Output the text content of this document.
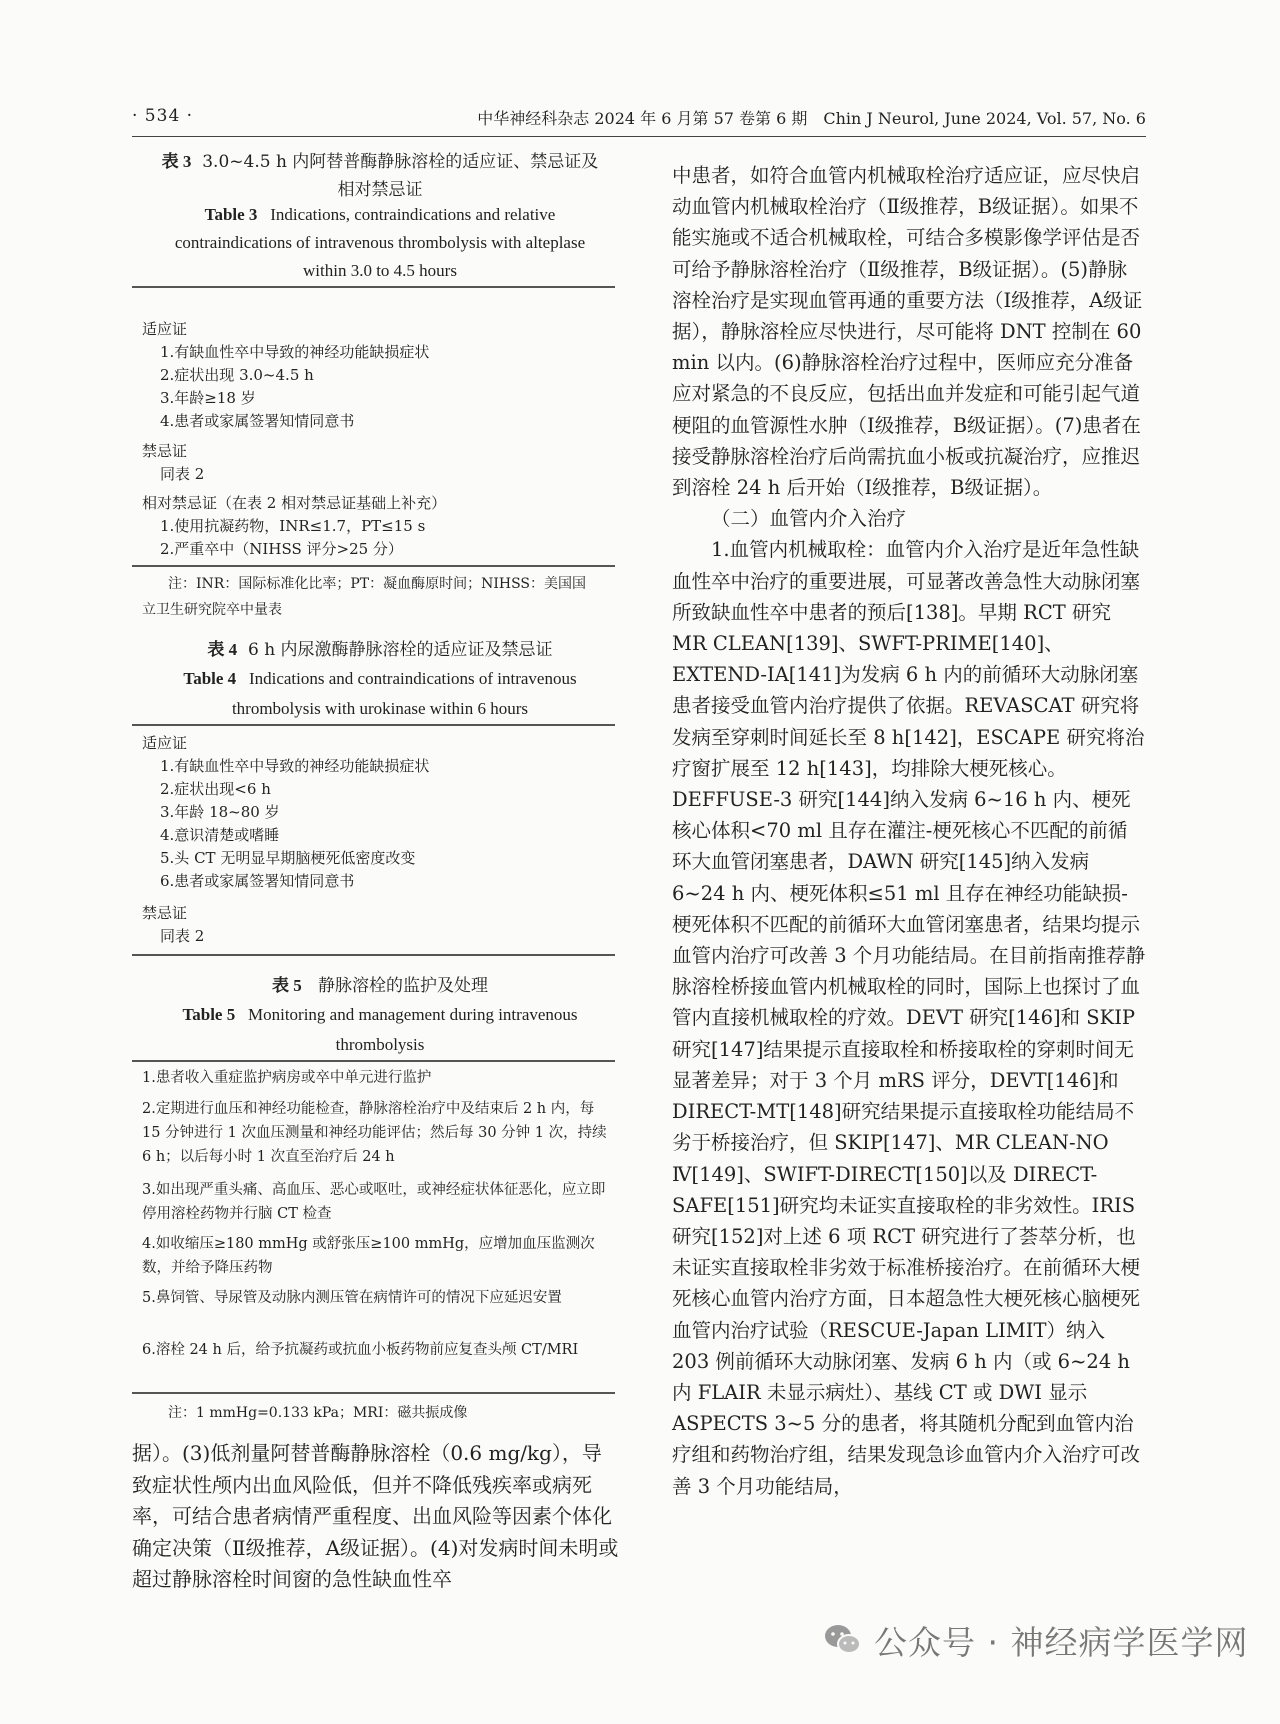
· 534 ·	中华神经科杂志 2024 年 6 月第 57 卷第 6 期　Chin J Neurol, June 2024, Vol. 57, No. 6
表 3 3.0~4.5 h 内阿替普酶静脉溶栓的适应证、禁忌证及
相对禁忌证
Table 3 Indications, contraindications and relative
contraindications of intravenous thrombolysis with alteplase
within 3.0 to 4.5 hours
适应证
1.有缺血性卒中导致的神经功能缺损症状
2.症状出现 3.0~4.5 h
3.年龄≥18 岁
4.患者或家属签署知情同意书
禁忌证
同表 2
相对禁忌证（在表 2 相对禁忌证基础上补充）
1.使用抗凝药物，INR≤1.7，PT≤15 s
2.严重卒中（NIHSS 评分>25 分）
注：INR：国际标准化比率；PT：凝血酶原时间；NIHSS：美国国
立卫生研究院卒中量表
表 4 6 h 内尿激酶静脉溶栓的适应证及禁忌证
Table 4 Indications and contraindications of intravenous
thrombolysis with urokinase within 6 hours
适应证
1.有缺血性卒中导致的神经功能缺损症状
2.症状出现<6 h
3.年龄 18~80 岁
4.意识清楚或嗜睡
5.头 CT 无明显早期脑梗死低密度改变
6.患者或家属签署知情同意书
禁忌证
同表 2
表 5 静脉溶栓的监护及处理
Table 5 Monitoring and management during intravenous
thrombolysis
1.患者收入重症监护病房或卒中单元进行监护
2.定期进行血压和神经功能检查，静脉溶栓治疗中及结束后 2 h 内，每 15 分钟进行 1 次血压测量和神经功能评估；然后每 30 分钟 1 次，持续 6 h；以后每小时 1 次直至治疗后 24 h
3.如出现严重头痛、高血压、恶心或呕吐，或神经症状体征恶化，应立即停用溶栓药物并行脑 CT 检查
4.如收缩压≥180 mmHg 或舒张压≥100 mmHg，应增加血压监测次数，并给予降压药物
5.鼻饲管、导尿管及动脉内测压管在病情许可的情况下应延迟安置
6.溶栓 24 h 后，给予抗凝药或抗血小板药物前应复查头颅 CT/MRI
注：1 mmHg=0.133 kPa；MRI：磁共振成像
据）。(3)低剂量阿替普酶静脉溶栓（0.6 mg/kg），导致症状性颅内出血风险低，但并不降低残疾率或病死率，可结合患者病情严重程度、出血风险等因素个体化确定决策（Ⅱ级推荐，A级证据）。(4)对发病时间未明或超过静脉溶栓时间窗的急性缺血性卒

中患者，如符合血管内机械取栓治疗适应证，应尽快启动血管内机械取栓治疗（Ⅱ级推荐，B级证据）。如果不能实施或不适合机械取栓，可结合多模影像学评估是否可给予静脉溶栓治疗（Ⅱ级推荐，B级证据）。(5)静脉溶栓治疗是实现血管再通的重要方法（Ⅰ级推荐，A级证据），静脉溶栓应尽快进行，尽可能将 DNT 控制在 60 min 以内。(6)静脉溶栓治疗过程中，医师应充分准备应对紧急的不良反应，包括出血并发症和可能引起气道梗阻的血管源性水肿（Ⅰ级推荐，B级证据）。(7)患者在接受静脉溶栓治疗后尚需抗血小板或抗凝治疗，应推迟到溶栓 24 h 后开始（Ⅰ级推荐，B级证据）。

（二）血管内介入治疗

1.血管内机械取栓：血管内介入治疗是近年急性缺血性卒中治疗的重要进展，可显著改善急性大动脉闭塞所致缺血性卒中患者的预后[138]。早期 RCT 研究 MR CLEAN[139]、SWFT-PRIME[140]、EXTEND-IA[141]为发病 6 h 内的前循环大动脉闭塞患者接受血管内治疗提供了依据。REVASCAT 研究将发病至穿刺时间延长至 8 h[142]，ESCAPE 研究将治疗窗扩展至 12 h[143]，均排除大梗死核心。DEFFUSE-3 研究[144]纳入发病 6~16 h 内、梗死核心体积<70 ml 且存在灌注-梗死核心不匹配的前循环大血管闭塞患者，DAWN 研究[145]纳入发病 6~24 h 内、梗死体积≤51 ml 且存在神经功能缺损-梗死体积不匹配的前循环大血管闭塞患者，结果均提示血管内治疗可改善 3 个月功能结局。在目前指南推荐静脉溶栓桥接血管内机械取栓的同时，国际上也探讨了血管内直接机械取栓的疗效。DEVT 研究[146]和 SKIP 研究[147]结果提示直接取栓和桥接取栓的穿刺时间无显著差异；对于 3 个月 mRS 评分，DEVT[146]和 DIRECT-MT[148]研究结果提示直接取栓功能结局不劣于桥接治疗，但 SKIP[147]、MR CLEAN-NO Ⅳ[149]、SWIFT-DIRECT[150]以及 DIRECT-SAFE[151]研究均未证实直接取栓的非劣效性。IRIS 研究[152]对上述 6 项 RCT 研究进行了荟萃分析，也未证实直接取栓非劣效于标准桥接治疗。在前循环大梗死核心血管内治疗方面，日本超急性大梗死核心脑梗死血管内治疗试验（RESCUE-Japan LIMIT）纳入 203 例前循环大动脉闭塞、发病 6 h 内（或 6~24 h 内 FLAIR 未显示病灶）、基线 CT 或 DWI 显示 ASPECTS 3~5 分的患者，将其随机分配到血管内治疗组和药物治疗组，结果发现急诊血管内介入治疗可改善 3 个月功能结局，

公众号 · 神经病学医学网
